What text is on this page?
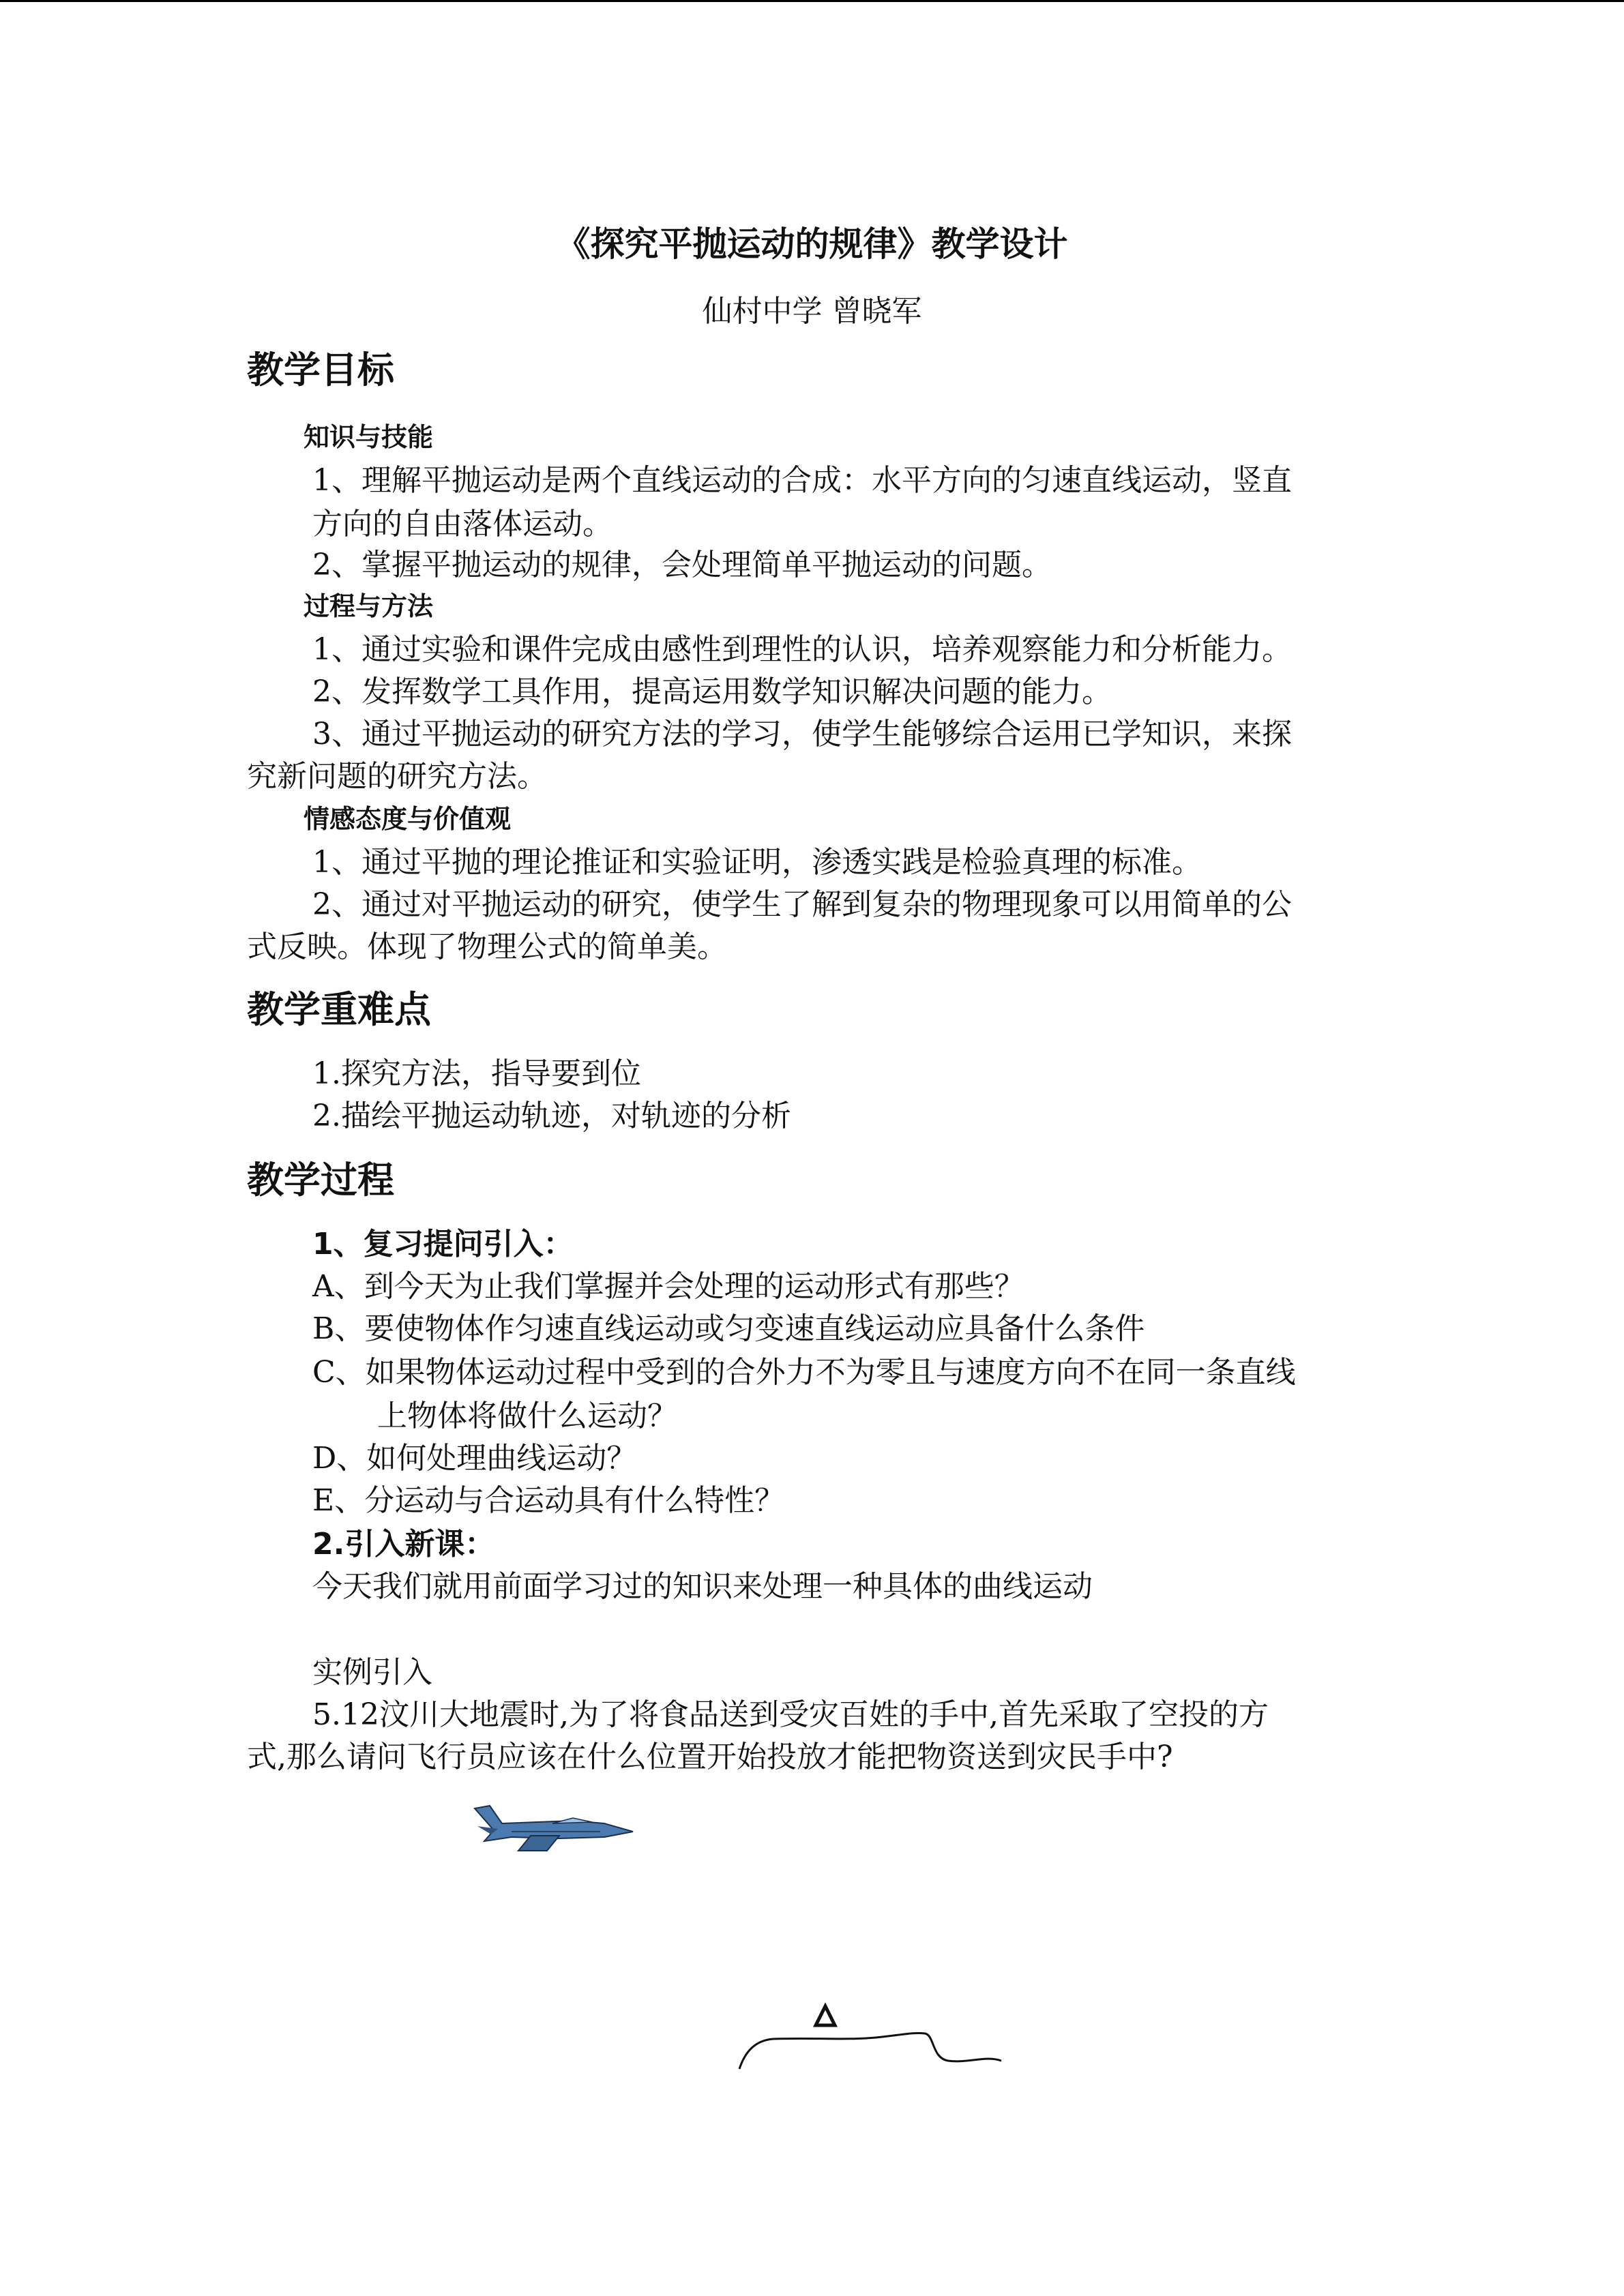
《探究平抛运动的规律》教学设计
仙村中学 曾晓军
教学目标
知识与技能
1、理解平抛运动是两个直线运动的合成：水平方向的匀速直线运动，竖直
方向的自由落体运动。
2、掌握平抛运动的规律，会处理简单平抛运动的问题。
过程与方法
1、通过实验和课件完成由感性到理性的认识，培养观察能力和分析能力。
2、发挥数学工具作用，提高运用数学知识解决问题的能力。
3、通过平抛运动的研究方法的学习，使学生能够综合运用已学知识，来探
究新问题的研究方法。
情感态度与价值观
1、通过平抛的理论推证和实验证明，渗透实践是检验真理的标准。
2、通过对平抛运动的研究，使学生了解到复杂的物理现象可以用简单的公
式反映。体现了物理公式的简单美。
教学重难点
1.探究方法，指导要到位
2.描绘平抛运动轨迹，对轨迹的分析
教学过程
1、复习提问引入：
A、到今天为止我们掌握并会处理的运动形式有那些？
B、要使物体作匀速直线运动或匀变速直线运动应具备什么条件
C、如果物体运动过程中受到的合外力不为零且与速度方向不在同一条直线
上物体将做什么运动？
D、如何处理曲线运动？
E、分运动与合运动具有什么特性？
2.引入新课：
今天我们就用前面学习过的知识来处理一种具体的曲线运动
实例引入
5.12汶川大地震时,为了将食品送到受灾百姓的手中,首先采取了空投的方
式,那么请问飞行员应该在什么位置开始投放才能把物资送到灾民手中?
